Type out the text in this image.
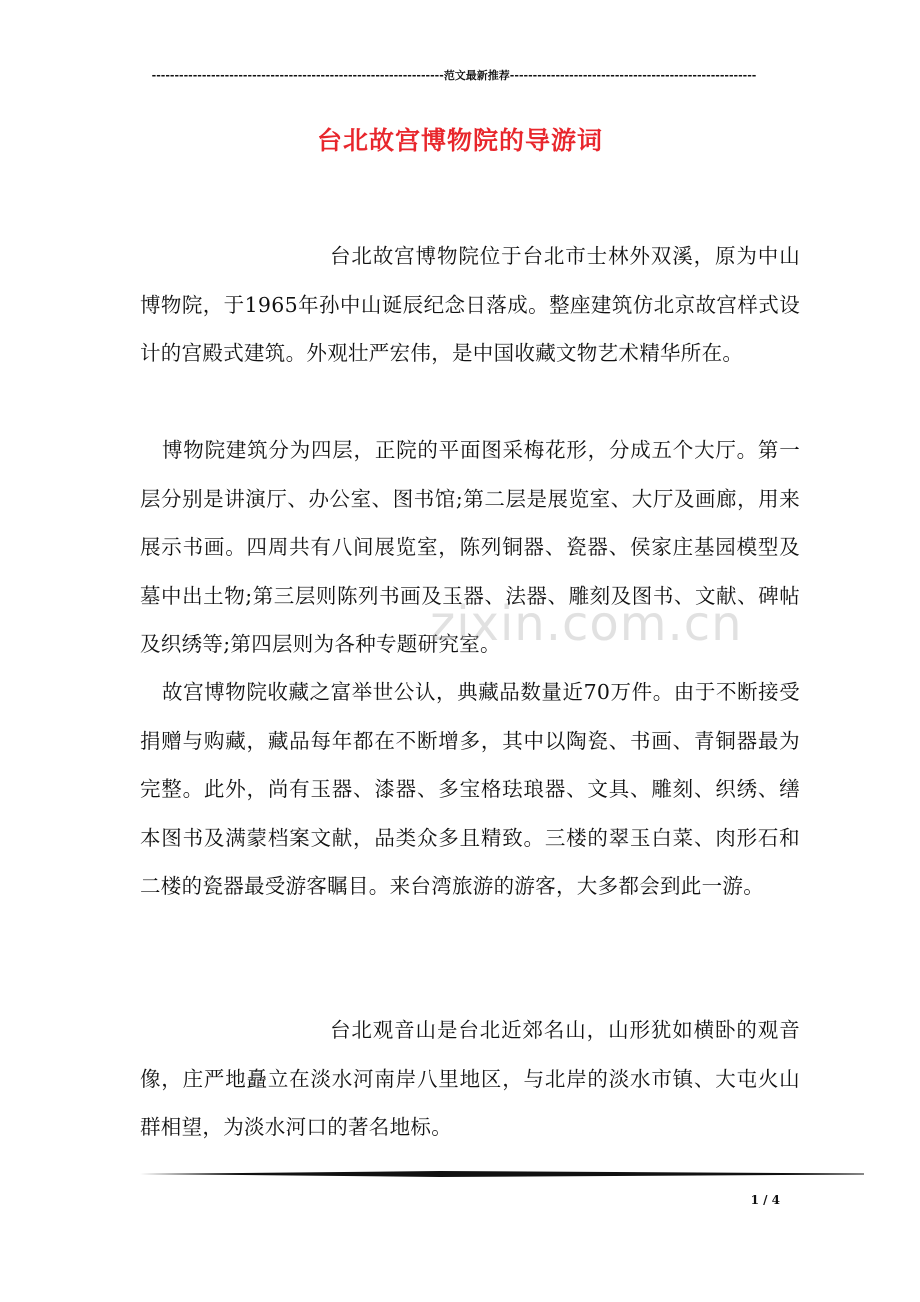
----------------------------------------------------------------范文最新推荐------------------------------------------------------
台北故宫博物院的导游词

台北故宫博物院位于台北市士林外双溪，原为中山博物院，于1965年孙中山诞辰纪念日落成。整座建筑仿北京故宫样式设计的宫殿式建筑。外观壮严宏伟，是中国收藏文物艺术精华所在。

博物院建筑分为四层，正院的平面图采梅花形，分成五个大厅。第一层分别是讲演厅、办公室、图书馆;第二层是展览室、大厅及画廊，用来展示书画。四周共有八间展览室，陈列铜器、瓷器、侯家庄基园模型及墓中出土物;第三层则陈列书画及玉器、法器、雕刻及图书、文献、碑帖及织绣等;第四层则为各种专题研究室。

故宫博物院收藏之富举世公认，典藏品数量近70万件。由于不断接受捐赠与购藏，藏品每年都在不断增多，其中以陶瓷、书画、青铜器最为完整。此外，尚有玉器、漆器、多宝格珐琅器、文具、雕刻、织绣、缮本图书及满蒙档案文献，品类众多且精致。三楼的翠玉白菜、肉形石和二楼的瓷器最受游客瞩目。来台湾旅游的游客，大多都会到此一游。

台北观音山是台北近郊名山，山形犹如横卧的观音像，庄严地矗立在淡水河南岸八里地区，与北岸的淡水市镇、大屯火山群相望，为淡水河口的著名地标。

zixin.com.cn
1 / 4
